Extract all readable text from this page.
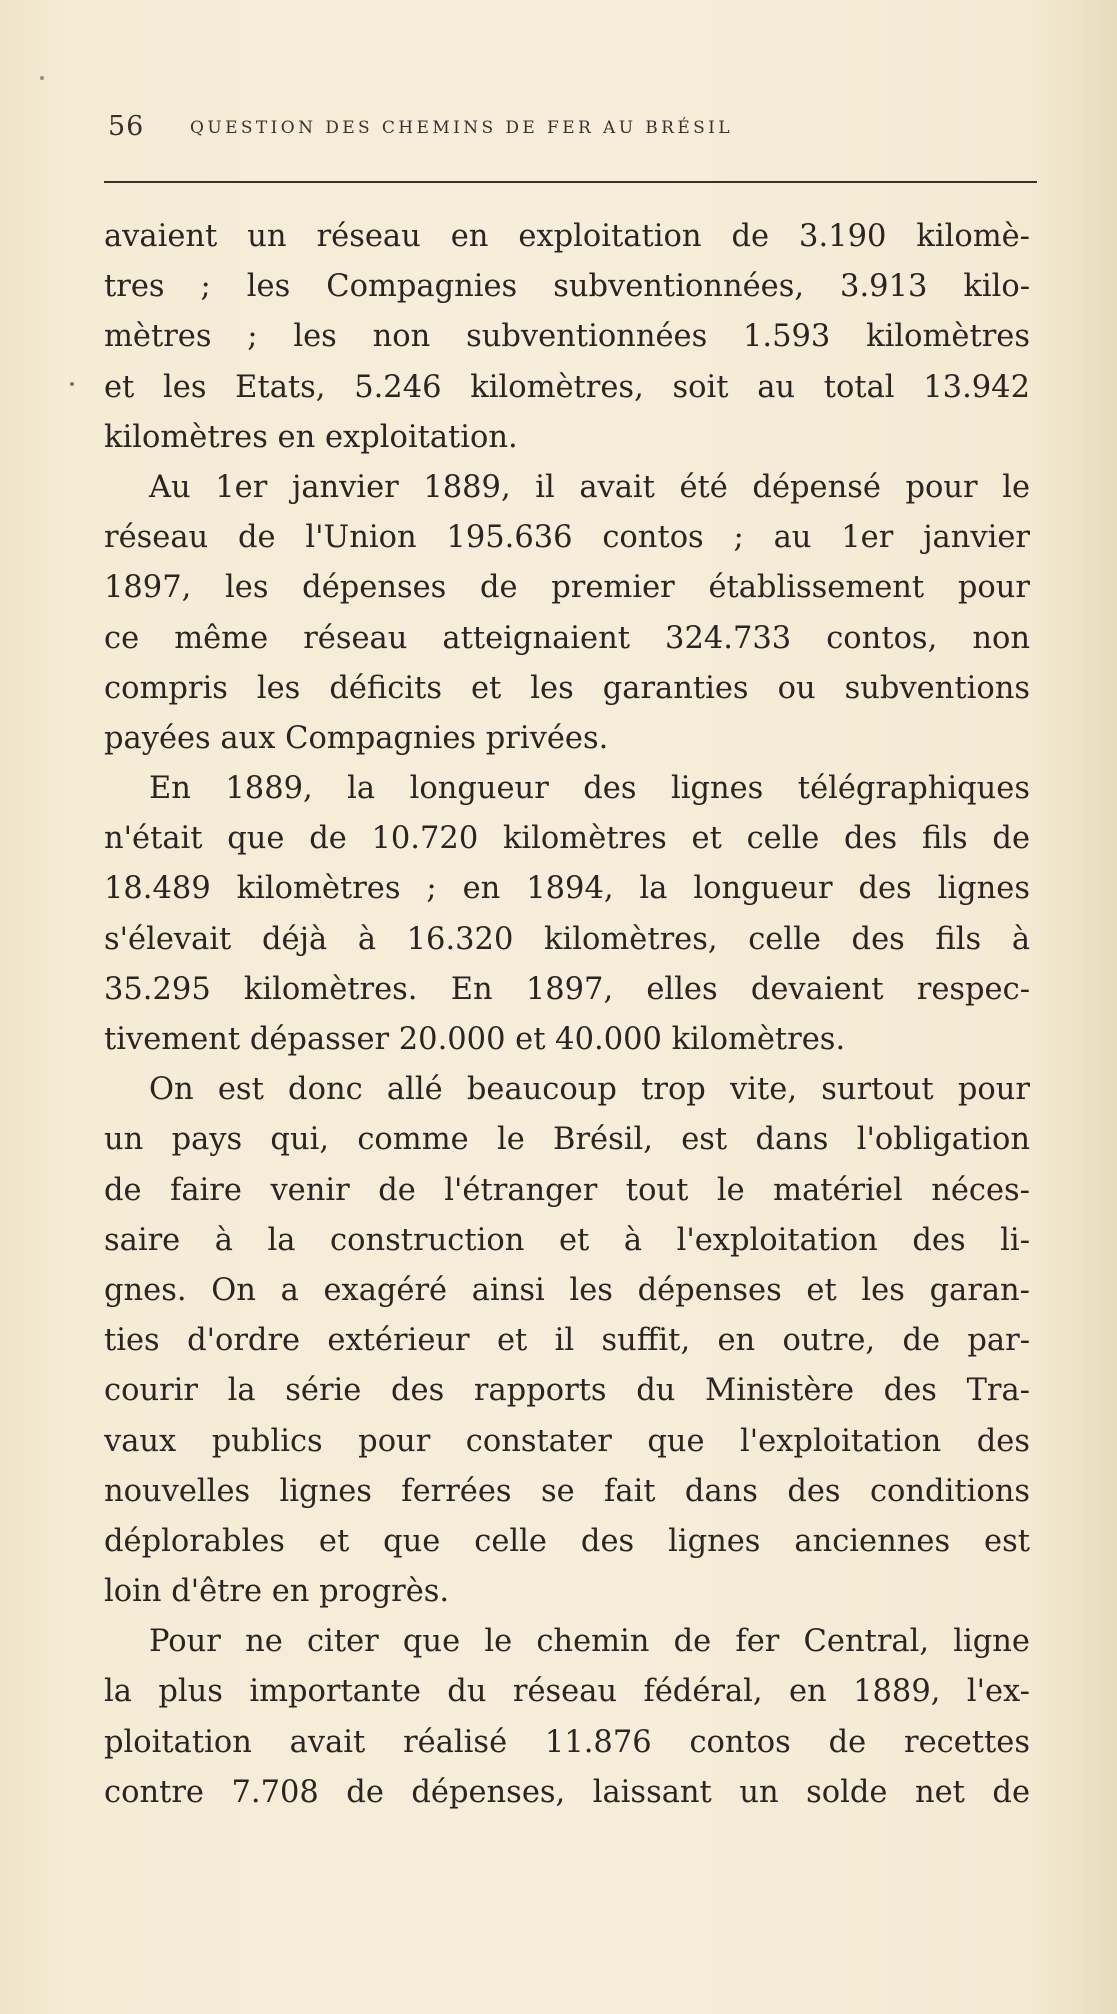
56	QUESTION DES CHEMINS DE FER AU BRÉSIL
avaient un réseau en exploitation de 3.190 kilomè-
tres ; les Compagnies subventionnées, 3.913 kilo-
mètres ; les non subventionnées 1.593 kilomètres
et les Etats, 5.246 kilomètres, soit au total 13.942
kilomètres en exploitation.
Au 1er janvier 1889, il avait été dépensé pour le
réseau de l'Union 195.636 contos ; au 1er janvier
1897, les dépenses de premier établissement pour
ce même réseau atteignaient 324.733 contos, non
compris les déficits et les garanties ou subventions
payées aux Compagnies privées.
En 1889, la longueur des lignes télégraphiques
n'était que de 10.720 kilomètres et celle des fils de
18.489 kilomètres ; en 1894, la longueur des lignes
s'élevait déjà à 16.320 kilomètres, celle des fils à
35.295 kilomètres. En 1897, elles devaient respec-
tivement dépasser 20.000 et 40.000 kilomètres.
On est donc allé beaucoup trop vite, surtout pour
un pays qui, comme le Brésil, est dans l'obligation
de faire venir de l'étranger tout le matériel néces-
saire à la construction et à l'exploitation des li-
gnes. On a exagéré ainsi les dépenses et les garan-
ties d'ordre extérieur et il suffit, en outre, de par-
courir la série des rapports du Ministère des Tra-
vaux publics pour constater que l'exploitation des
nouvelles lignes ferrées se fait dans des conditions
déplorables et que celle des lignes anciennes est
loin d'être en progrès.
Pour ne citer que le chemin de fer Central, ligne
la plus importante du réseau fédéral, en 1889, l'ex-
ploitation avait réalisé 11.876 contos de recettes
contre 7.708 de dépenses, laissant un solde net de
